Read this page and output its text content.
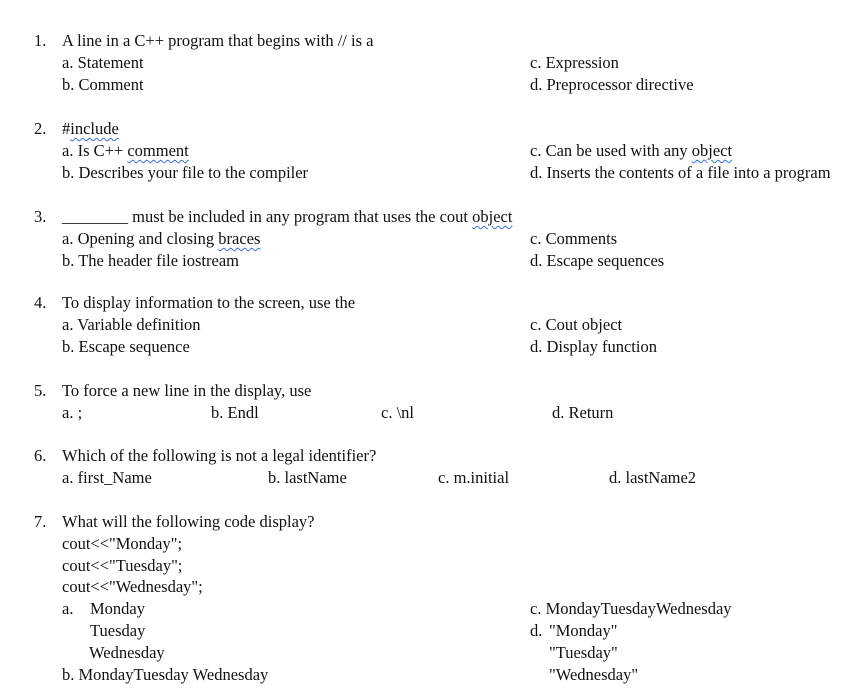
1. A line in a C++ program that begins with // is a
a. Statement
b. Comment
c. Expression
d. Preprocessor directive
2. #include
a. Is C++ comment
b. Describes your file to the compiler
c. Can be used with any object
d. Inserts the contents of a file into a program
3. ________ must be included in any program that uses the cout object
a. Opening and closing braces
b. The header file iostream
c. Comments
d. Escape sequences
4. To display information to the screen, use the
a. Variable definition
b. Escape sequence
c. Cout object
d. Display function
5. To force a new line in the display, use
a. ;	b. Endl	c. \nl	d. Return
6. Which of the following is not a legal identifier?
a. first_Name	b. lastName	c. m.initial	d. lastName2
7. What will the following code display?
cout<<"Monday";
cout<<"Tuesday";
cout<<"Wednesday";
a. Monday
Tuesday
Wednesday
b. MondayTuesday Wednesday
c. MondayTuesdayWednesday
d. "Monday"
"Tuesday"
"Wednesday"
